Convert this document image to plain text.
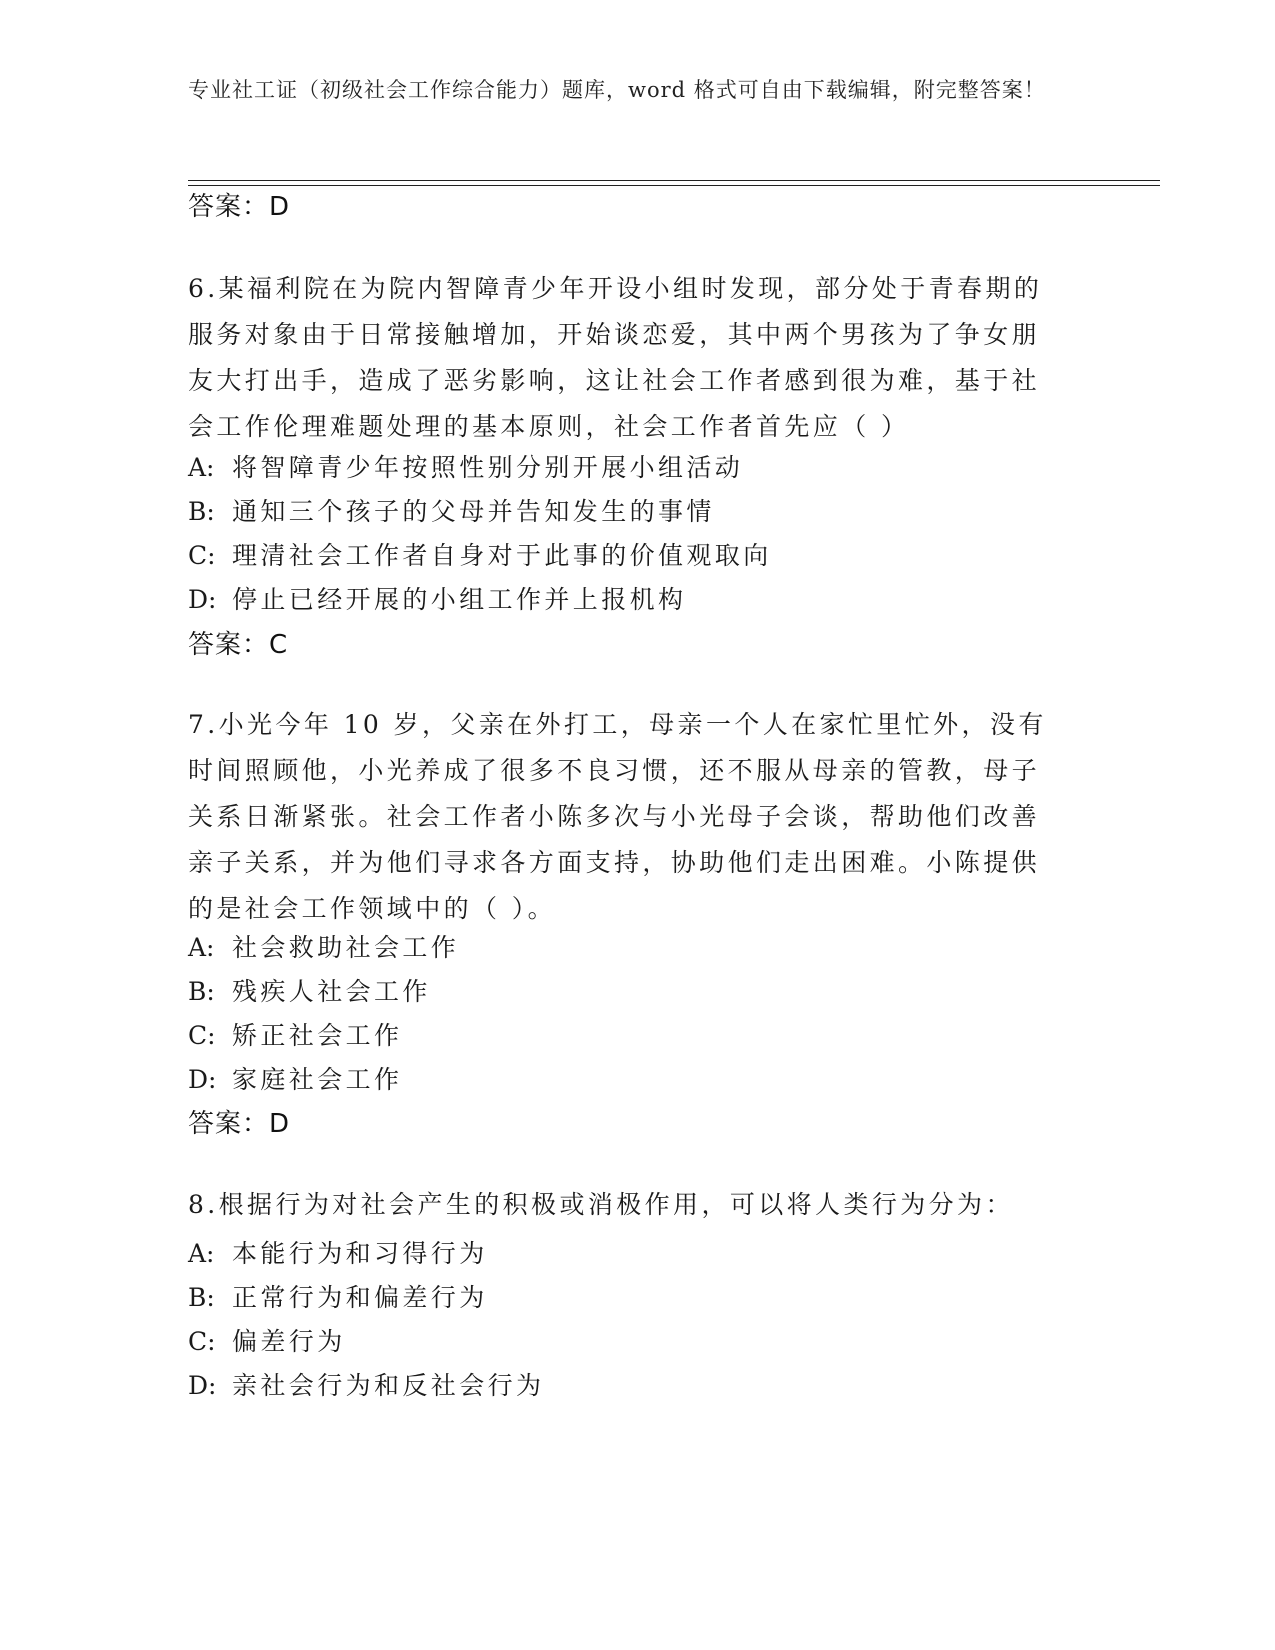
专业社工证（初级社会工作综合能力）题库，word 格式可自由下载编辑，附完整答案！
答案：D
6.某福利院在为院内智障青少年开设小组时发现，部分处于青春期的服务对象由于日常接触增加，开始谈恋爱，其中两个男孩为了争女朋友大打出手，造成了恶劣影响，这让社会工作者感到很为难，基于社会工作伦理难题处理的基本原则，社会工作者首先应（ ）
A: 将智障青少年按照性别分别开展小组活动
B: 通知三个孩子的父母并告知发生的事情
C: 理清社会工作者自身对于此事的价值观取向
D: 停止已经开展的小组工作并上报机构
答案：C
7.小光今年 10 岁，父亲在外打工，母亲一个人在家忙里忙外，没有时间照顾他，小光养成了很多不良习惯，还不服从母亲的管教，母子关系日渐紧张。社会工作者小陈多次与小光母子会谈，帮助他们改善亲子关系，并为他们寻求各方面支持，协助他们走出困难。小陈提供的是社会工作领域中的（ ）。
A: 社会救助社会工作
B: 残疾人社会工作
C: 矫正社会工作
D: 家庭社会工作
答案：D
8.根据行为对社会产生的积极或消极作用，可以将人类行为分为：
A: 本能行为和习得行为
B: 正常行为和偏差行为
C: 偏差行为
D: 亲社会行为和反社会行为
